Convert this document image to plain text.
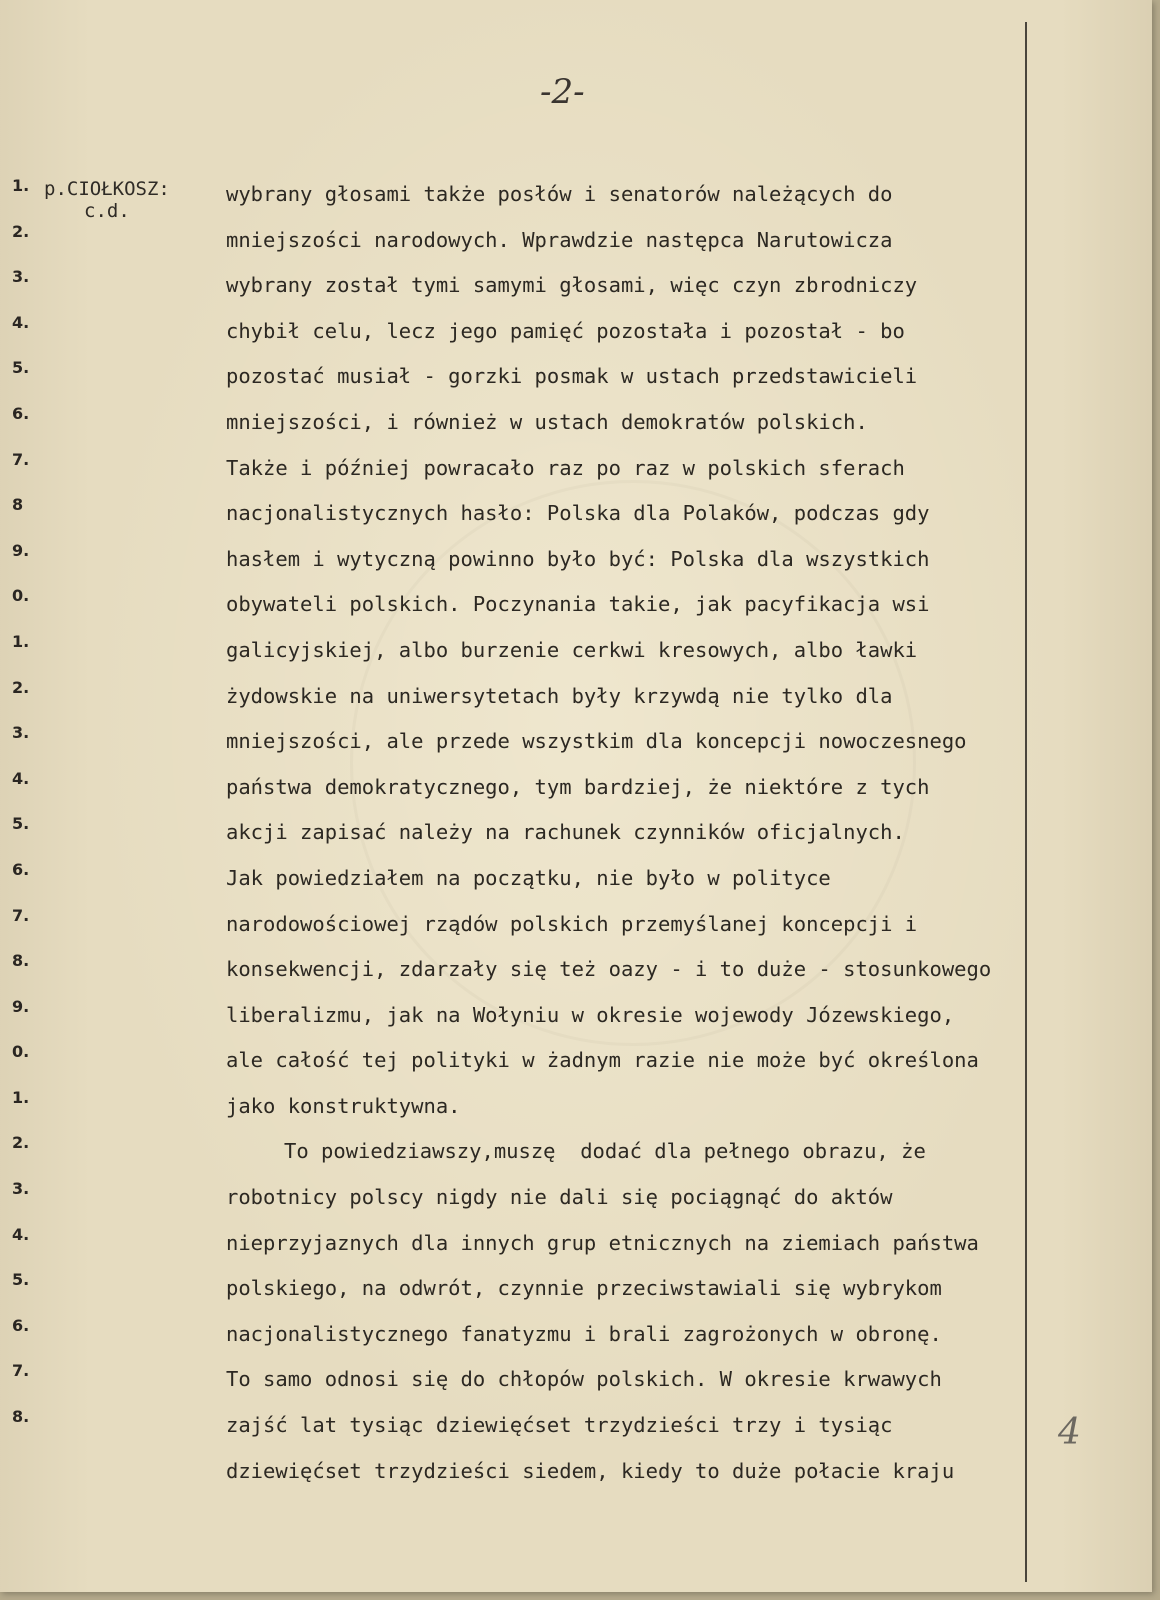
-2-
p.CIOŁKOSZ:
c.d.
1.
2.
3.
4.
5.
6.
7.
8
9.
0.
1.
2.
3.
4.
5.
6.
7.
8.
9.
0.
1.
2.
3.
4.
5.
6.
7.
8.
wybrany głosami także posłów i senatorów należących do
mniejszości narodowych. Wprawdzie następca Narutowicza
wybrany został tymi samymi głosami, więc czyn zbrodniczy
chybił celu, lecz jego pamięć pozostała i pozostał - bo
pozostać musiał - gorzki posmak w ustach przedstawicieli
mniejszości, i również w ustach demokratów polskich.
Także i później powracało raz po raz w polskich sferach
nacjonalistycznych hasło: Polska dla Polaków, podczas gdy
hasłem i wytyczną powinno było być: Polska dla wszystkich
obywateli polskich. Poczynania takie, jak pacyfikacja wsi
galicyjskiej, albo burzenie cerkwi kresowych, albo ławki
żydowskie na uniwersytetach były krzywdą nie tylko dla
mniejszości, ale przede wszystkim dla koncepcji nowoczesnego
państwa demokratycznego, tym bardziej, że niektóre z tych
akcji zapisać należy na rachunek czynników oficjalnych.
Jak powiedziałem na początku, nie było w polityce
narodowościowej rządów polskich przemyślanej koncepcji i
konsekwencji, zdarzały się też oazy - i to duże - stosunkowego
liberalizmu, jak na Wołyniu w okresie wojewody Józewskiego,
ale całość tej polityki w żadnym razie nie może być określona
jako konstruktywna.
To powiedziawszy,muszę  dodać dla pełnego obrazu, że
robotnicy polscy nigdy nie dali się pociągnąć do aktów
nieprzyjaznych dla innych grup etnicznych na ziemiach państwa
polskiego, na odwrót, czynnie przeciwstawiali się wybrykom
nacjonalistycznego fanatyzmu i brali zagrożonych w obronę.
To samo odnosi się do chłopów polskich. W okresie krwawych
zajść lat tysiąc dziewięćset trzydzieści trzy i tysiąc
dziewięćset trzydzieści siedem, kiedy to duże połacie kraju
4
